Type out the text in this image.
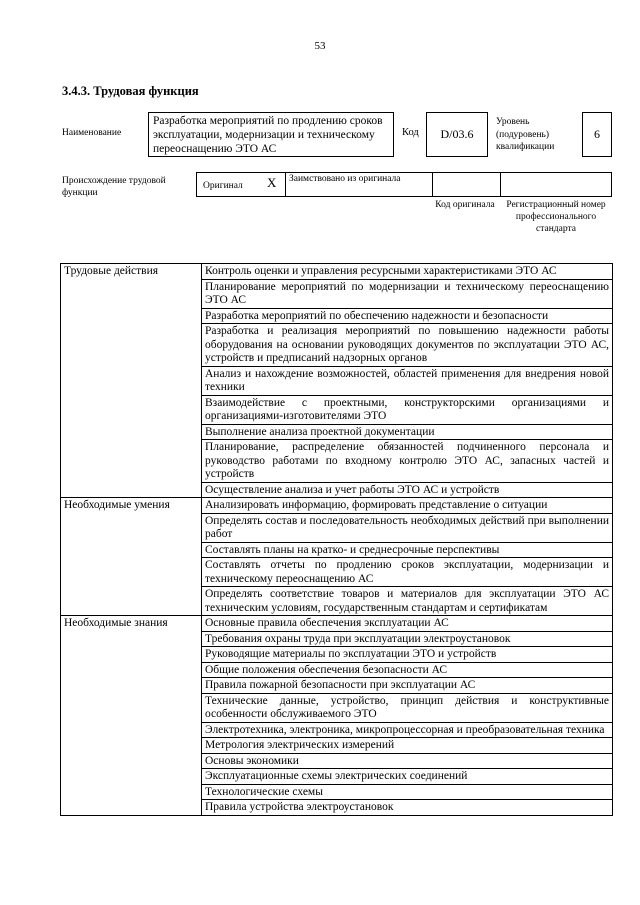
53
3.4.3. Трудовая функция
Наименование
Разработка мероприятий по продлению сроков эксплуатации, модернизации и техническому переоснащению ЭТО АС
Код	D/03.6
Уровень (подуровень) квалификации
6
Происхождение трудовой функции
Оригинал X	Заимствовано из оригинала
Код оригинала	Регистрационный номер профессионального стандарта
Трудовые действия	Контроль оценки и управления ресурсными характеристиками ЭТО АС
	Планирование мероприятий по модернизации и техническому переоснащению ЭТО АС
	Разработка мероприятий по обеспечению надежности и безопасности
	Разработка и реализация мероприятий по повышению надежности работы оборудования на основании руководящих документов по эксплуатации ЭТО АС, устройств и предписаний надзорных органов
	Анализ и нахождение возможностей, областей применения для внедрения новой техники
	Взаимодействие с проектными, конструкторскими организациями и организациями-изготовителями ЭТО
	Выполнение анализа проектной документации
	Планирование, распределение обязанностей подчиненного персонала и руководство работами по входному контролю ЭТО АС, запасных частей и устройств
	Осуществление анализа и учет работы ЭТО АС и устройств
Необходимые умения	Анализировать информацию, формировать представление о ситуации
	Определять состав и последовательность необходимых действий при выполнении работ
	Составлять планы на кратко- и среднесрочные перспективы
	Составлять отчеты по продлению сроков эксплуатации, модернизации и техническому переоснащению АС
	Определять соответствие товаров и материалов для эксплуатации ЭТО АС техническим условиям, государственным стандартам и сертификатам
Необходимые знания	Основные правила обеспечения эксплуатации АС
	Требования охраны труда при эксплуатации электроустановок
	Руководящие материалы по эксплуатации ЭТО и устройств
	Общие положения обеспечения безопасности АС
	Правила пожарной безопасности при эксплуатации АС
	Технические данные, устройство, принцип действия и конструктивные особенности обслуживаемого ЭТО
	Электротехника, электроника, микропроцессорная и преобразовательная техника
	Метрология электрических измерений
	Основы экономики
	Эксплуатационные схемы электрических соединений
	Технологические схемы
	Правила устройства электроустановок
